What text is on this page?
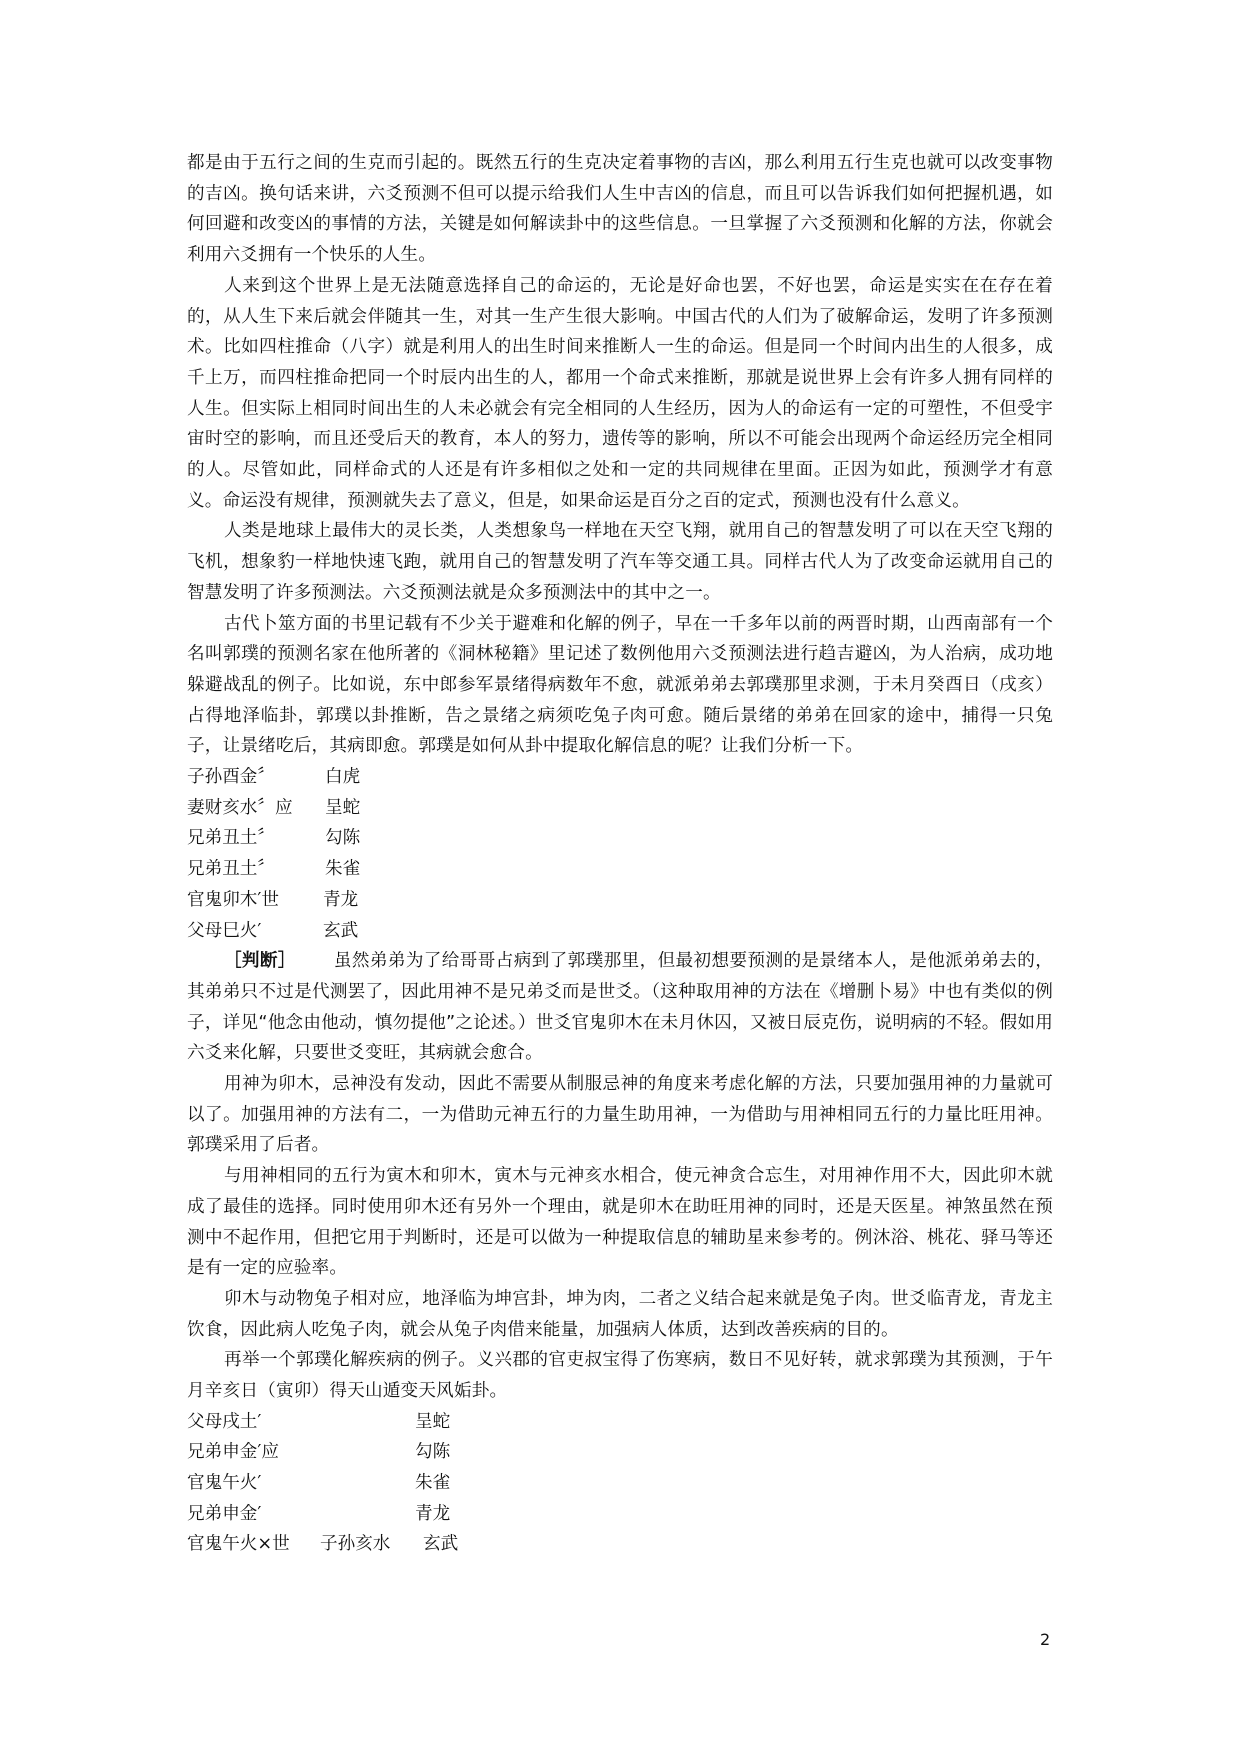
都是由于五行之间的生克而引起的。既然五行的生克决定着事物的吉凶，那么利用五行生克也就可以改变事物的吉凶。换句话来讲，六爻预测不但可以提示给我们人生中吉凶的信息，而且可以告诉我们如何把握机遇，如何回避和改变凶的事情的方法，关键是如何解读卦中的这些信息。一旦掌握了六爻预测和化解的方法，你就会利用六爻拥有一个快乐的人生。

人来到这个世界上是无法随意选择自己的命运的，无论是好命也罢，不好也罢，命运是实实在在存在着的，从人生下来后就会伴随其一生，对其一生产生很大影响。中国古代的人们为了破解命运，发明了许多预测术。比如四柱推命（八字）就是利用人的出生时间来推断人一生的命运。但是同一个时间内出生的人很多，成千上万，而四柱推命把同一个时辰内出生的人，都用一个命式来推断，那就是说世界上会有许多人拥有同样的人生。但实际上相同时间出生的人未必就会有完全相同的人生经历，因为人的命运有一定的可塑性，不但受宇宙时空的影响，而且还受后天的教育，本人的努力，遗传等的影响，所以不可能会出现两个命运经历完全相同的人。尽管如此，同样命式的人还是有许多相似之处和一定的共同规律在里面。正因为如此，预测学才有意义。命运没有规律，预测就失去了意义，但是，如果命运是百分之百的定式，预测也没有什么意义。

人类是地球上最伟大的灵长类，人类想象鸟一样地在天空飞翔，就用自己的智慧发明了可以在天空飞翔的飞机，想象豹一样地快速飞跑，就用自己的智慧发明了汽车等交通工具。同样古代人为了改变命运就用自己的智慧发明了许多预测法。六爻预测法就是众多预测法中的其中之一。

古代卜筮方面的书里记载有不少关于避难和化解的例子，早在一千多年以前的两晋时期，山西南部有一个名叫郭璞的预测名家在他所著的《洞林秘籍》里记述了数例他用六爻预测法进行趋吉避凶，为人治病，成功地躲避战乱的例子。比如说，东中郎参军景绪得病数年不愈，就派弟弟去郭璞那里求测，于未月癸酉日（戌亥）占得地泽临卦，郭璞以卦推断，告之景绪之病须吃兔子肉可愈。随后景绪的弟弟在回家的途中，捕得一只兔子，让景绪吃后，其病即愈。郭璞是如何从卦中提取化解信息的呢？让我们分析一下。

子孙酉金〞	白虎
妻财亥水〞应 呈蛇
兄弟丑土〞	勾陈
兄弟丑土〞	朱雀
官鬼卯木′世	青龙
父母巳火′	玄武

［判断］ 虽然弟弟为了给哥哥占病到了郭璞那里，但最初想要预测的是景绪本人，是他派弟弟去的，其弟弟只不过是代测罢了，因此用神不是兄弟爻而是世爻。（这种取用神的方法在《增删卜易》中也有类似的例子，详见“他念由他动，慎勿提他”之论述。）世爻官鬼卯木在未月休囚，又被日辰克伤，说明病的不轻。假如用六爻来化解，只要世爻变旺，其病就会愈合。

用神为卯木，忌神没有发动，因此不需要从制服忌神的角度来考虑化解的方法，只要加强用神的力量就可以了。加强用神的方法有二，一为借助元神五行的力量生助用神，一为借助与用神相同五行的力量比旺用神。郭璞采用了后者。

与用神相同的五行为寅木和卯木，寅木与元神亥水相合，使元神贪合忘生，对用神作用不大，因此卯木就成了最佳的选择。同时使用卯木还有另外一个理由，就是卯木在助旺用神的同时，还是天医星。神煞虽然在预测中不起作用，但把它用于判断时，还是可以做为一种提取信息的辅助星来参考的。例沐浴、桃花、驿马等还是有一定的应验率。

卯木与动物兔子相对应，地泽临为坤宫卦，坤为肉，二者之义结合起来就是兔子肉。世爻临青龙，青龙主饮食，因此病人吃兔子肉，就会从兔子肉借来能量，加强病人体质，达到改善疾病的目的。

再举一个郭璞化解疾病的例子。义兴郡的官吏叔宝得了伤寒病，数日不见好转，就求郭璞为其预测，于午月辛亥日（寅卯）得天山遁变天风姤卦。

父母戌土′	呈蛇
兄弟申金′应	勾陈
官鬼午火′	朱雀
兄弟申金′	青龙
官鬼午火×世 子孙亥水 玄武
2
